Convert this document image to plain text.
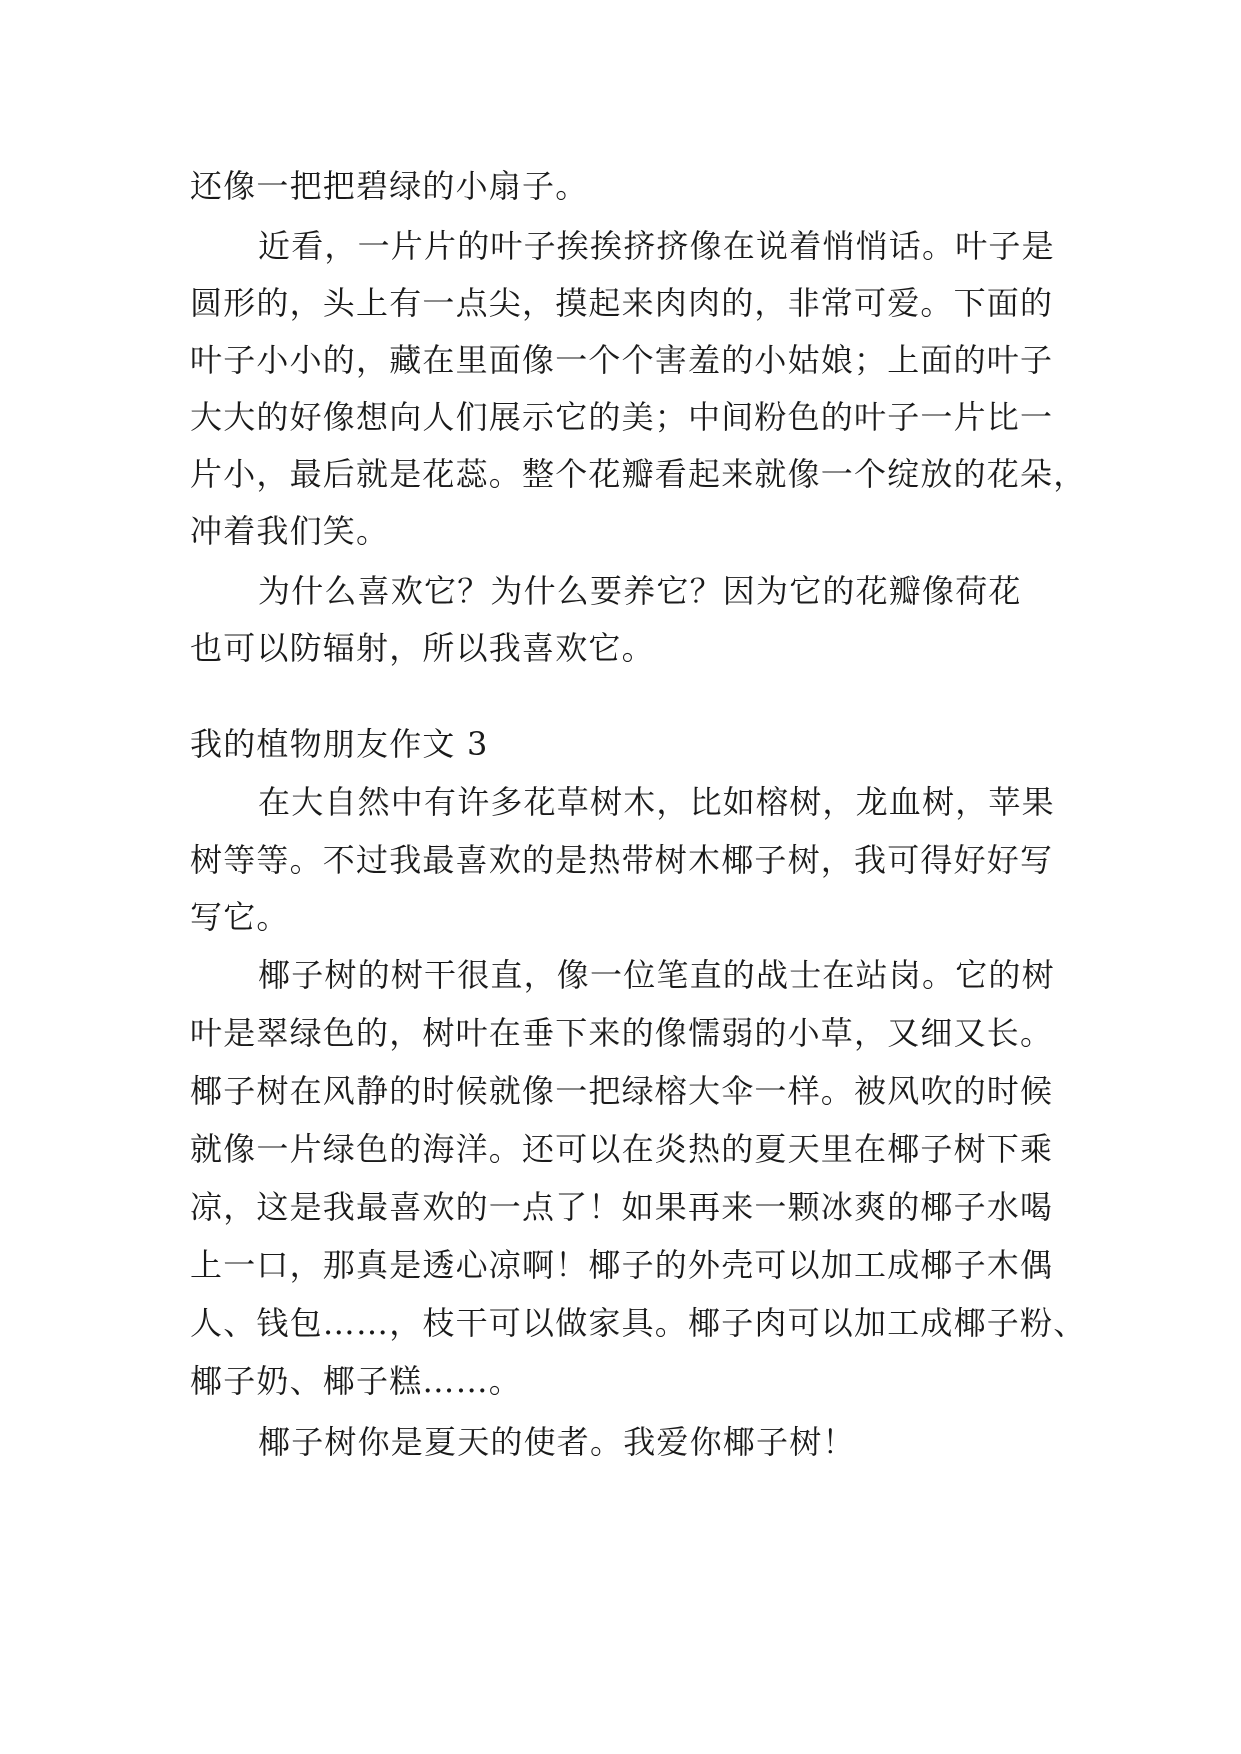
还像一把把碧绿的小扇子。
近看，一片片的叶子挨挨挤挤像在说着悄悄话。叶子是
圆形的，头上有一点尖，摸起来肉肉的，非常可爱。下面的
叶子小小的，藏在里面像一个个害羞的小姑娘；上面的叶子
大大的好像想向人们展示它的美；中间粉色的叶子一片比一
片小，最后就是花蕊。整个花瓣看起来就像一个绽放的花朵，
冲着我们笑。
为什么喜欢它？为什么要养它？因为它的花瓣像荷花
也可以防辐射，所以我喜欢它。
我的植物朋友作文 3
在大自然中有许多花草树木，比如榕树，龙血树，苹果
树等等。不过我最喜欢的是热带树木椰子树，我可得好好写
写它。
椰子树的树干很直，像一位笔直的战士在站岗。它的树
叶是翠绿色的，树叶在垂下来的像懦弱的小草，又细又长。
椰子树在风静的时候就像一把绿榕大伞一样。被风吹的时候
就像一片绿色的海洋。还可以在炎热的夏天里在椰子树下乘
凉，这是我最喜欢的一点了！如果再来一颗冰爽的椰子水喝
上一口，那真是透心凉啊！椰子的外壳可以加工成椰子木偶
人、钱包……，枝干可以做家具。椰子肉可以加工成椰子粉、
椰子奶、椰子糕……。
椰子树你是夏天的使者。我爱你椰子树！
